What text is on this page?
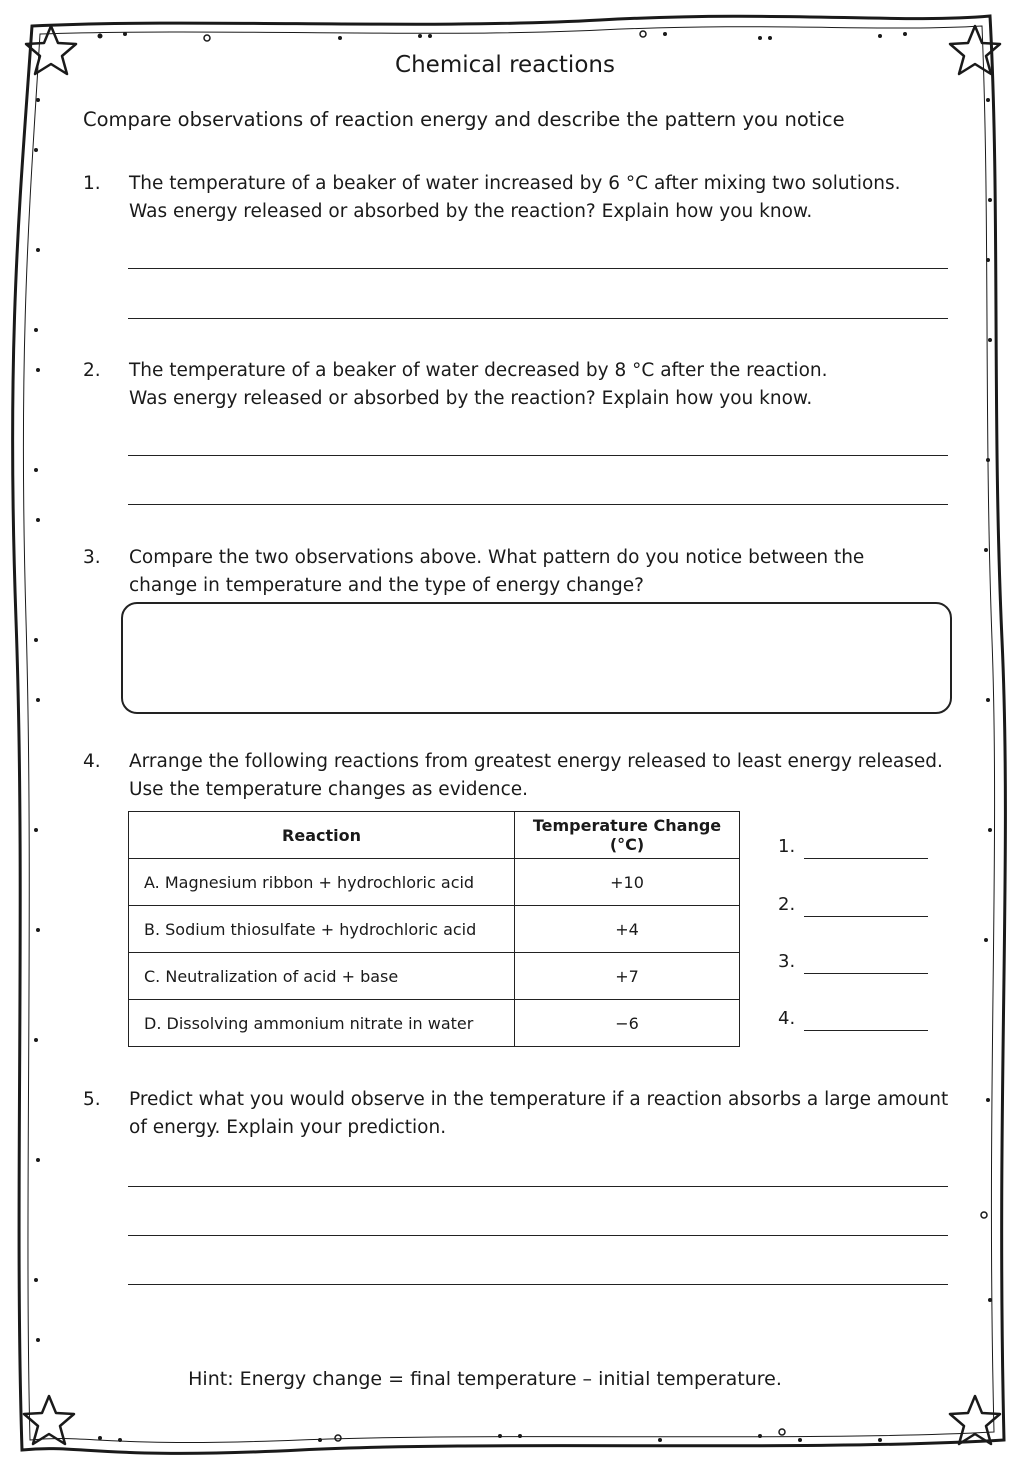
Chemical reactions
Compare observations of reaction energy and describe the pattern you notice
1.	The temperature of a beaker of water increased by 6 °C after mixing two solutions.
Was energy released or absorbed by the reaction? Explain how you know.
2.	The temperature of a beaker of water decreased by 8 °C after the reaction.
Was energy released or absorbed by the reaction? Explain how you know.
3.	Compare the two observations above. What pattern do you notice between the
change in temperature and the type of energy change?
4.	Arrange the following reactions from greatest energy released to least energy released.
Use the temperature changes as evidence.
Reaction	Temperature Change (°C)
A. Magnesium ribbon + hydrochloric acid	+10
B. Sodium thiosulfate + hydrochloric acid	+4
C. Neutralization of acid + base	+7
D. Dissolving ammonium nitrate in water	−6
1.
2.
3.
4.
5.	Predict what you would observe in the temperature if a reaction absorbs a large amount
of energy. Explain your prediction.
Hint: Energy change = final temperature – initial temperature.
